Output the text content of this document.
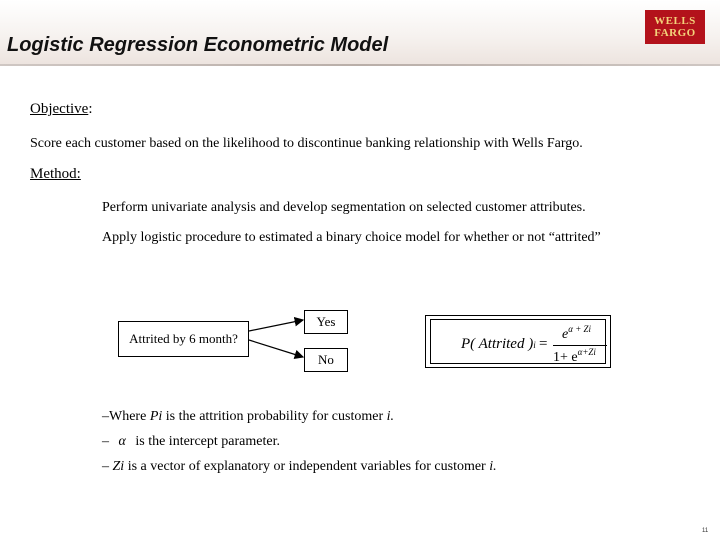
Logistic Regression Econometric Model
WELLS
FARGO
Objective:
Score each customer based on the likelihood to discontinue banking relationship with Wells Fargo.
Method:
Perform univariate analysis and develop segmentation on selected customer attributes.
Apply logistic procedure to estimated a binary choice model for whether or not “attrited”
Attrited by 6 month?
Yes
No
P( Attrited )i =
$e^{\alpha + Zi}$
$1+ e^{\alpha+Zi}$
–Where Pi is the attrition probability for customer i.
– α is the intercept parameter.
– Zi is a vector of explanatory or independent variables for customer i.
11
